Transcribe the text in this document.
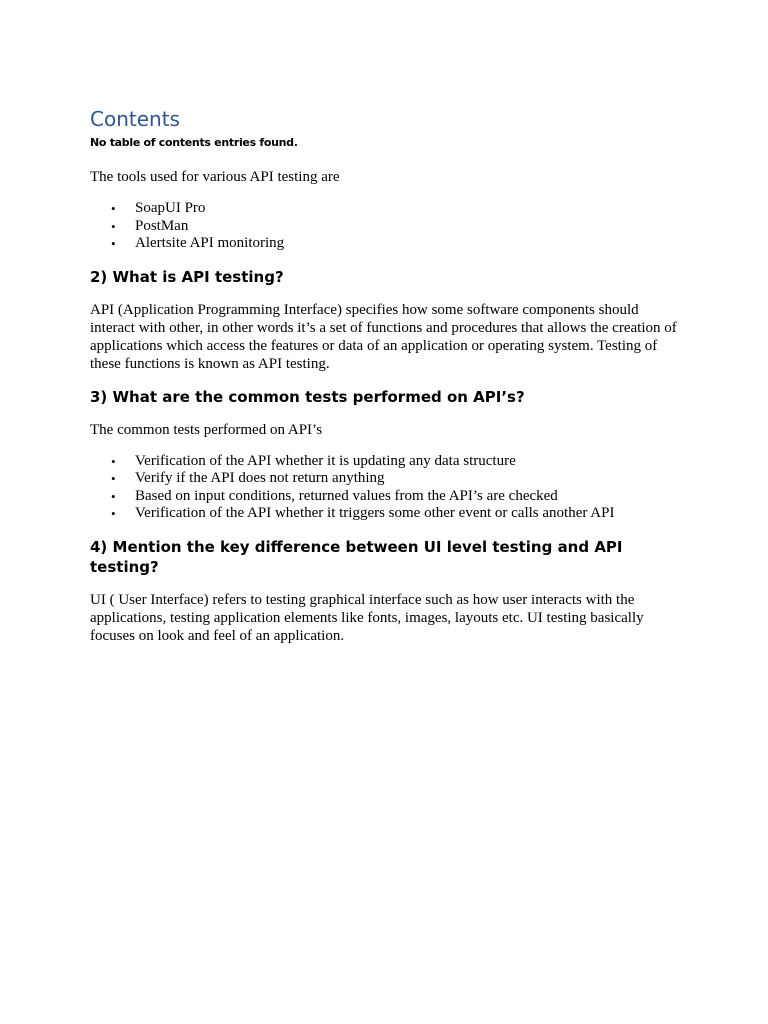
Contents
No table of contents entries found.

The tools used for various API testing are

• SoapUI Pro
• PostMan
• Alertsite API monitoring
2) What is API testing?

API (Application Programming Interface) specifies how some software components should interact with other, in other words it’s a set of functions and procedures that allows the creation of applications which access the features or data of an application or operating system. Testing of these functions is known as API testing.

3) What are the common tests performed on API’s?

The common tests performed on API’s

• Verification of the API whether it is updating any data structure
• Verify if the API does not return anything
• Based on input conditions, returned values from the API’s are checked
• Verification of the API whether it triggers some other event or calls another API
4) Mention the key difference between UI level testing and API testing?

UI ( User Interface) refers to testing graphical interface such as how user interacts with the applications, testing application elements like fonts, images, layouts etc. UI testing basically focuses on look and feel of an application.
